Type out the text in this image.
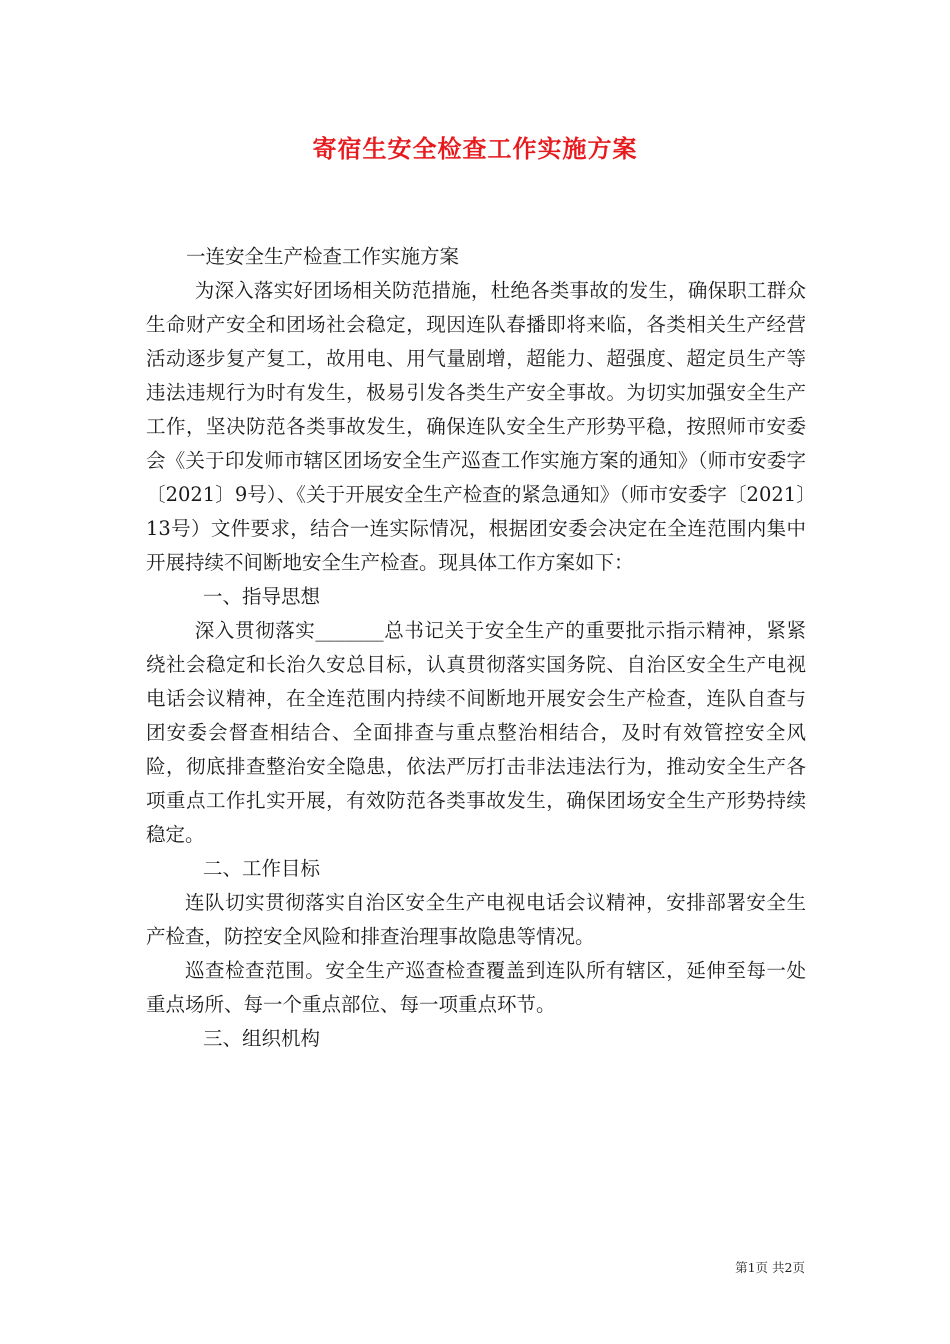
寄宿生安全检查工作实施方案

一连安全生产检查工作实施方案

为深入落实好团场相关防范措施，杜绝各类事故的发生，确保职工群众生命财产安全和团场社会稳定，现因连队春播即将来临，各类相关生产经营活动逐步复产复工，故用电、用气量剧增，超能力、超强度、超定员生产等违法违规行为时有发生，极易引发各类生产安全事故。为切实加强安全生产工作，坚决防范各类事故发生，确保连队安全生产形势平稳，按照师市安委会《关于印发师市辖区团场安全生产巡查工作实施方案的通知》（师市安委字〔2021〕9号）、《关于开展安全生产检查的紧急通知》（师市安委字〔2021〕13号）文件要求，结合一连实际情况，根据团安委会决定在全连范围内集中开展持续不间断地安全生产检查。现具体工作方案如下：

一、指导思想

深入贯彻落实_______总书记关于安全生产的重要批示指示精神，紧紧绕社会稳定和长治久安总目标，认真贯彻落实国务院、自治区安全生产电视电话会议精神，在全连范围内持续不间断地开展安会生产检查，连队自查与团安委会督查相结合、全面排查与重点整治相结合，及时有效管控安全风险，彻底排查整治安全隐患，依法严厉打击非法违法行为，推动安全生产各项重点工作扎实开展，有效防范各类事故发生，确保团场安全生产形势持续稳定。

二、工作目标

连队切实贯彻落实自治区安全生产电视电话会议精神，安排部署安全生产检查，防控安全风险和排查治理事故隐患等情况。

巡查检查范围。安全生产巡查检查覆盖到连队所有辖区，延伸至每一处重点场所、每一个重点部位、每一项重点环节。

三、组织机构

第1页 共2页
